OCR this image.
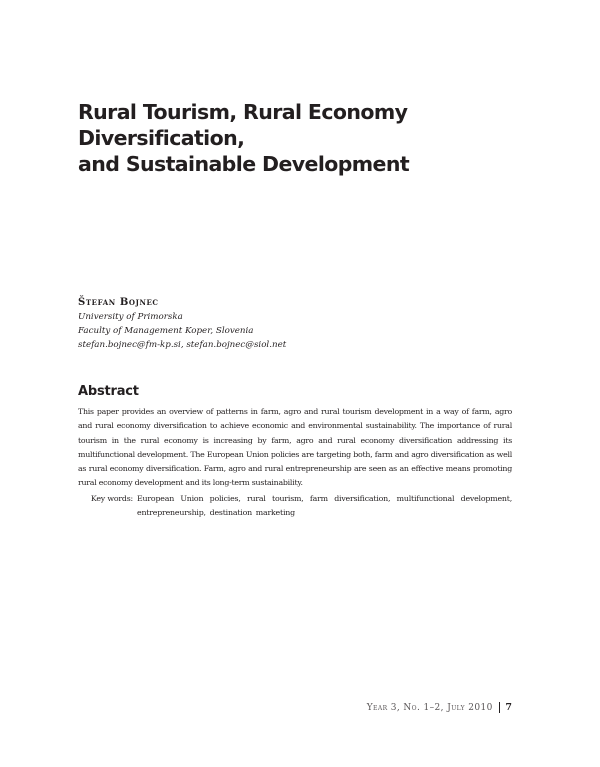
Rural Tourism, Rural Economy Diversification,
and Sustainable Development
Štefan Bojnec
University of Primorska
Faculty of Management Koper, Slovenia
stefan.bojnec@fm-kp.si, stefan.bojnec@siol.net
Abstract

This paper provides an overview of patterns in farm, agro and rural tourism development in a way of farm, agro and rural economy diversification to achieve economic and environmental sustainability. The importance of rural tourism in the rural economy is increasing by farm, agro and rural economy diversification addressing its multifunctional development. The European Union policies are targeting both, farm and agro diversification as well as rural economy diversification. Farm, agro and rural entrepreneurship are seen as an effective means promoting rural economy development and its long-term sustainability.

Key words: European Union policies, rural tourism, farm diversification, multifunctional development, entrepreneurship, destination marketing
Year 3, No. 1–2, July 2010 7
